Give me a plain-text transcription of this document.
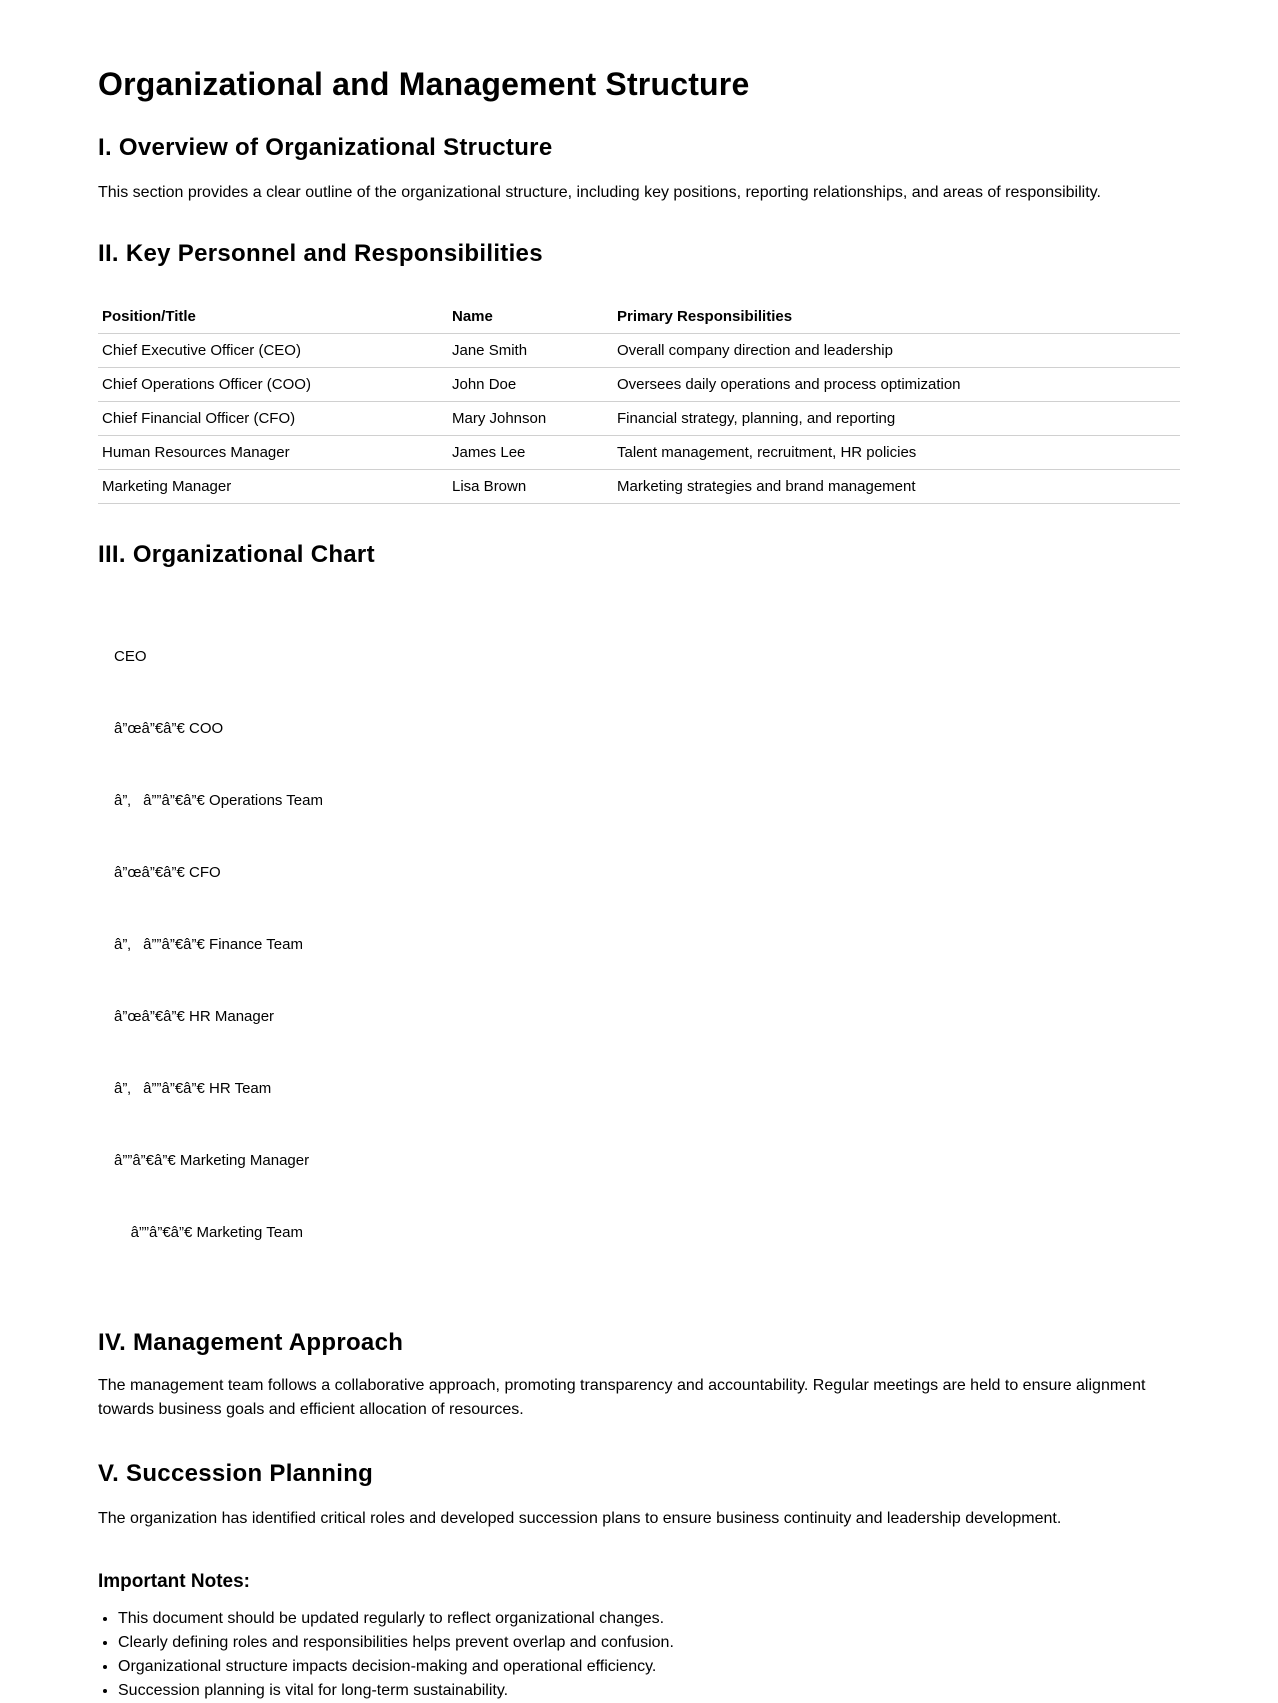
Organizational and Management Structure
I. Overview of Organizational Structure

This section provides a clear outline of the organizational structure, including key positions, reporting relationships, and areas of responsibility.

II. Key Personnel and Responsibilities
Position/Title	Name	Primary Responsibilities
Chief Executive Officer (CEO)	Jane Smith	Overall company direction and leadership
Chief Operations Officer (COO)	John Doe	Oversees daily operations and process optimization
Chief Financial Officer (CFO)	Mary Johnson	Financial strategy, planning, and reporting
Human Resources Manager	James Lee	Talent management, recruitment, HR policies
Marketing Manager	Lisa Brown	Marketing strategies and brand management
III. Organizational Chart

CEO

â”œâ”€â”€ COO

â”‚   â””â”€â”€ Operations Team

â”œâ”€â”€ CFO

â”‚   â””â”€â”€ Finance Team

â”œâ”€â”€ HR Manager

â”‚   â””â”€â”€ HR Team

â””â”€â”€ Marketing Manager

â””â”€â”€ Marketing Team

IV. Management Approach

The management team follows a collaborative approach, promoting transparency and accountability. Regular meetings are held to ensure alignment towards business goals and efficient allocation of resources.

V. Succession Planning

The organization has identified critical roles and developed succession plans to ensure business continuity and leadership development.

Important Notes:
• This document should be updated regularly to reflect organizational changes.
• Clearly defining roles and responsibilities helps prevent overlap and confusion.
• Organizational structure impacts decision-making and operational efficiency.
• Succession planning is vital for long-term sustainability.
